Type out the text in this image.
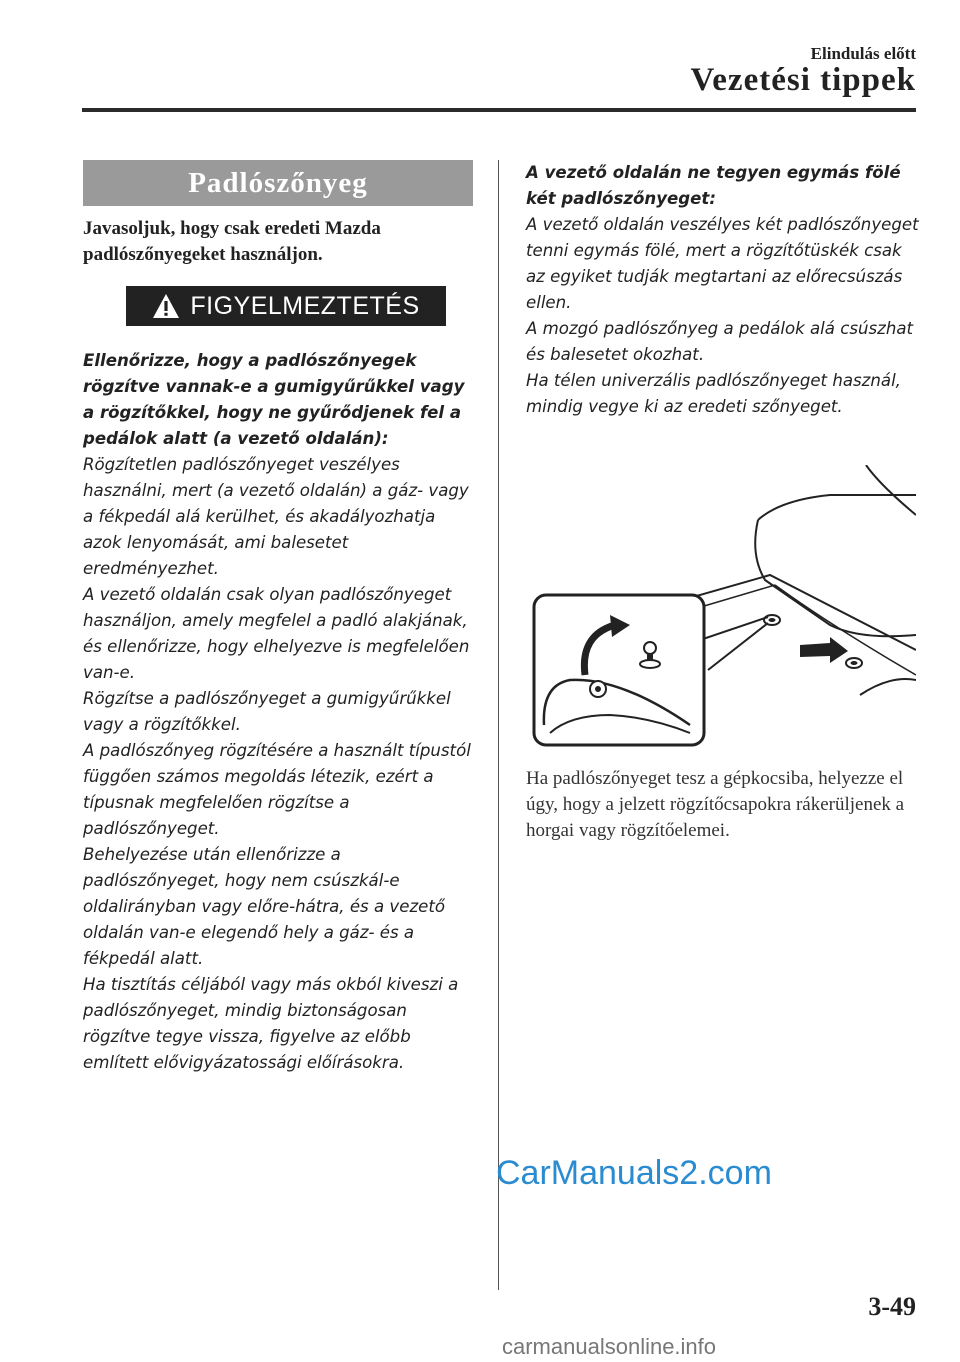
Elindulás előtt
Vezetési tippek
Padlószőnyeg
Javasoljuk, hogy csak eredeti Mazda padlószőnyegeket használjon.
FIGYELMEZTETÉS

Ellenőrizze, hogy a padlószőnyegek rögzítve vannak-e a gumigyűrűkkel vagy a rögzítőkkel, hogy ne gyűrődjenek fel a pedálok alatt (a vezető oldalán):

Rögzítetlen padlószőnyeget veszélyes használni, mert (a vezető oldalán) a gáz- vagy a fékpedál alá kerülhet, és akadályozhatja azok lenyomását, ami balesetet eredményezhet.

A vezető oldalán csak olyan padlószőnyeget használjon, amely megfelel a padló alakjának, és ellenőrizze, hogy elhelyezve is megfelelően van-e.

Rögzítse a padlószőnyeget a gumigyűrűkkel vagy a rögzítőkkel.

A padlószőnyeg rögzítésére a használt típustól függően számos megoldás létezik, ezért a típusnak megfelelően rögzítse a padlószőnyeget.

Behelyezése után ellenőrizze a padlószőnyeget, hogy nem csúszkál-e oldalirányban vagy előre-hátra, és a vezető oldalán van-e elegendő hely a gáz- és a fékpedál alatt.

Ha tisztítás céljából vagy más okból kiveszi a padlószőnyeget, mindig biztonságosan rögzítve tegye vissza, figyelve az előbb említett elővigyázatossági előírásokra.

A vezető oldalán ne tegyen egymás fölé két padlószőnyeget:

A vezető oldalán veszélyes két padlószőnyeget tenni egymás fölé, mert a rögzítőtüskék csak az egyiket tudják megtartani az előrecsúszás ellen.

A mozgó padlószőnyeg a pedálok alá csúszhat és balesetet okozhat.

Ha télen univerzális padlószőnyeget használ, mindig vegye ki az eredeti szőnyeget.

Ha padlószőnyeget tesz a gépkocsiba, helyezze el úgy, hogy a jelzett rögzítőcsapokra rákerüljenek a horgai vagy rögzítőelemei.
3-49
CarManuals2.com
carmanualsonline.info
